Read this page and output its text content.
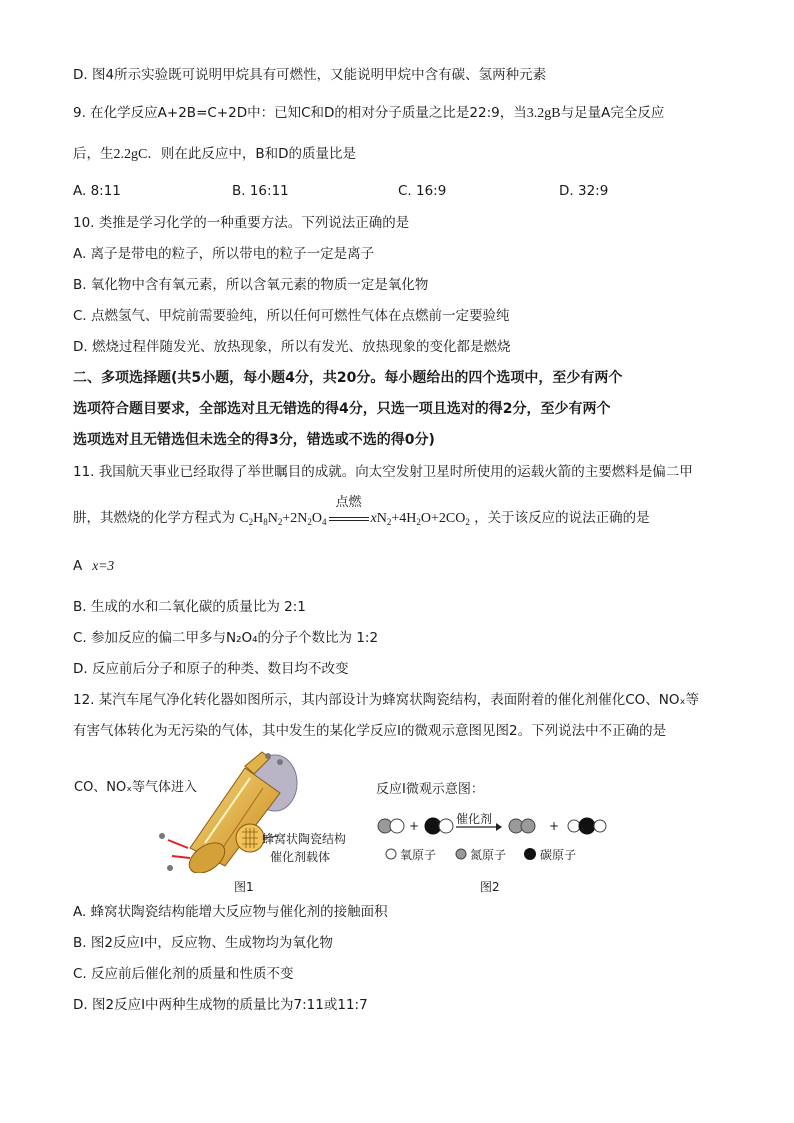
D. 图4所示实验既可说明甲烷具有可燃性，又能说明甲烷中含有碳、氢两种元素
9. 在化学反应A+2B=C+2D中：已知C和D的相对分子质量之比是22:9，当3.2gB与足量A完全反应
后，生2.2gC．则在此反应中，B和D的质量比是
A. 8:11	B. 16:11	C. 16:9	D. 32:9
10. 类推是学习化学的一种重要方法。下列说法正确的是
A. 离子是带电的粒子，所以带电的粒子一定是离子
B. 氧化物中含有氧元素，所以含氧元素的物质一定是氧化物
C. 点燃氢气、甲烷前需要验纯，所以任何可燃性气体在点燃前一定要验纯
D. 燃烧过程伴随发光、放热现象，所以有发光、放热现象的变化都是燃烧
二、多项选择题(共5小题，每小题4分，共20分。每小题给出的四个选项中，至少有两个
选项符合题目要求，全部选对且无错选的得4分，只选一项且选对的得2分，至少有两个
选项选对且无错选但未选全的得3分，错选或不选的得0分)
11. 我国航天事业已经取得了举世瞩目的成就。向太空发射卫星时所使用的运载火箭的主要燃料是偏二甲
肼，其燃烧的化学方程式为 $C_2H_8N_2+2N_2O_4$
点燃
$xN_2+4H_2O+2CO_2$ ，关于该反应的说法正确的是
A x=3
B. 生成的水和二氧化碳的质量比为 2:1
C. 参加反应的偏二甲多与N₂O₄的分子个数比为 1:2
D. 反应前后分子和原子的种类、数目均不改变
12. 某汽车尾气净化转化器如图所示，其内部设计为蜂窝状陶瓷结构，表面附着的催化剂催化CO、NOₓ等
有害气体转化为无污染的气体，其中发生的某化学反应Ⅰ的微观示意图见图2。下列说法中不正确的是
CO、NOₓ等气体进入
蜂窝状陶瓷结构
催化剂载体
图1
反应Ⅰ微观示意图：
+	+
催化剂
氧原子	氮原子	碳原子
图2
A. 蜂窝状陶瓷结构能增大反应物与催化剂的接触面积
B. 图2反应Ⅰ中，反应物、生成物均为氧化物
C. 反应前后催化剂的质量和性质不变
D. 图2反应Ⅰ中两种生成物的质量比为7:11或11:7
